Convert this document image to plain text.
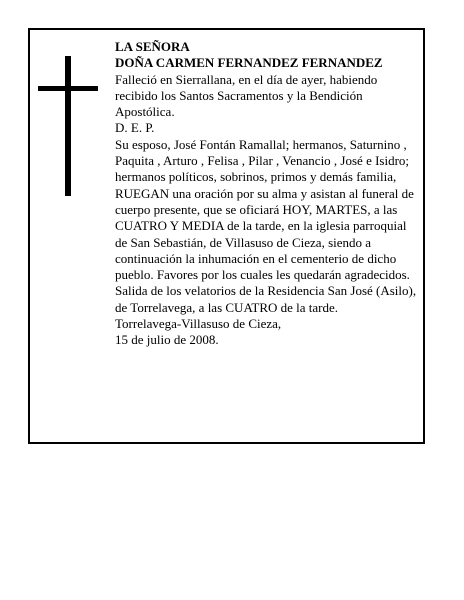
LA SEÑORA

DOÑA CARMEN FERNANDEZ FERNANDEZ

Falleció en Sierrallana, en el día de ayer, habiendo recibido los Santos Sacramentos y la Bendición Apostólica.

D. E. P.

Su esposo, José Fontán Ramallal; hermanos, Saturnino , Paquita , Arturo , Felisa , Pilar , Venancio , José e Isidro; hermanos políticos, sobrinos, primos y demás familia,

RUEGAN una oración por su alma y asistan al funeral de cuerpo presente, que se oficiará HOY, MARTES, a las CUATRO Y MEDIA de la tarde, en la iglesia parroquial de San Sebastián, de Villasuso de Cieza, siendo a continuación la inhumación en el cementerio de dicho pueblo. Favores por los cuales les quedarán agradecidos.

Salida de los velatorios de la Residencia San José (Asilo), de Torrelavega, a las CUATRO de la tarde.

Torrelavega-Villasuso de Cieza,

15 de julio de 2008.
